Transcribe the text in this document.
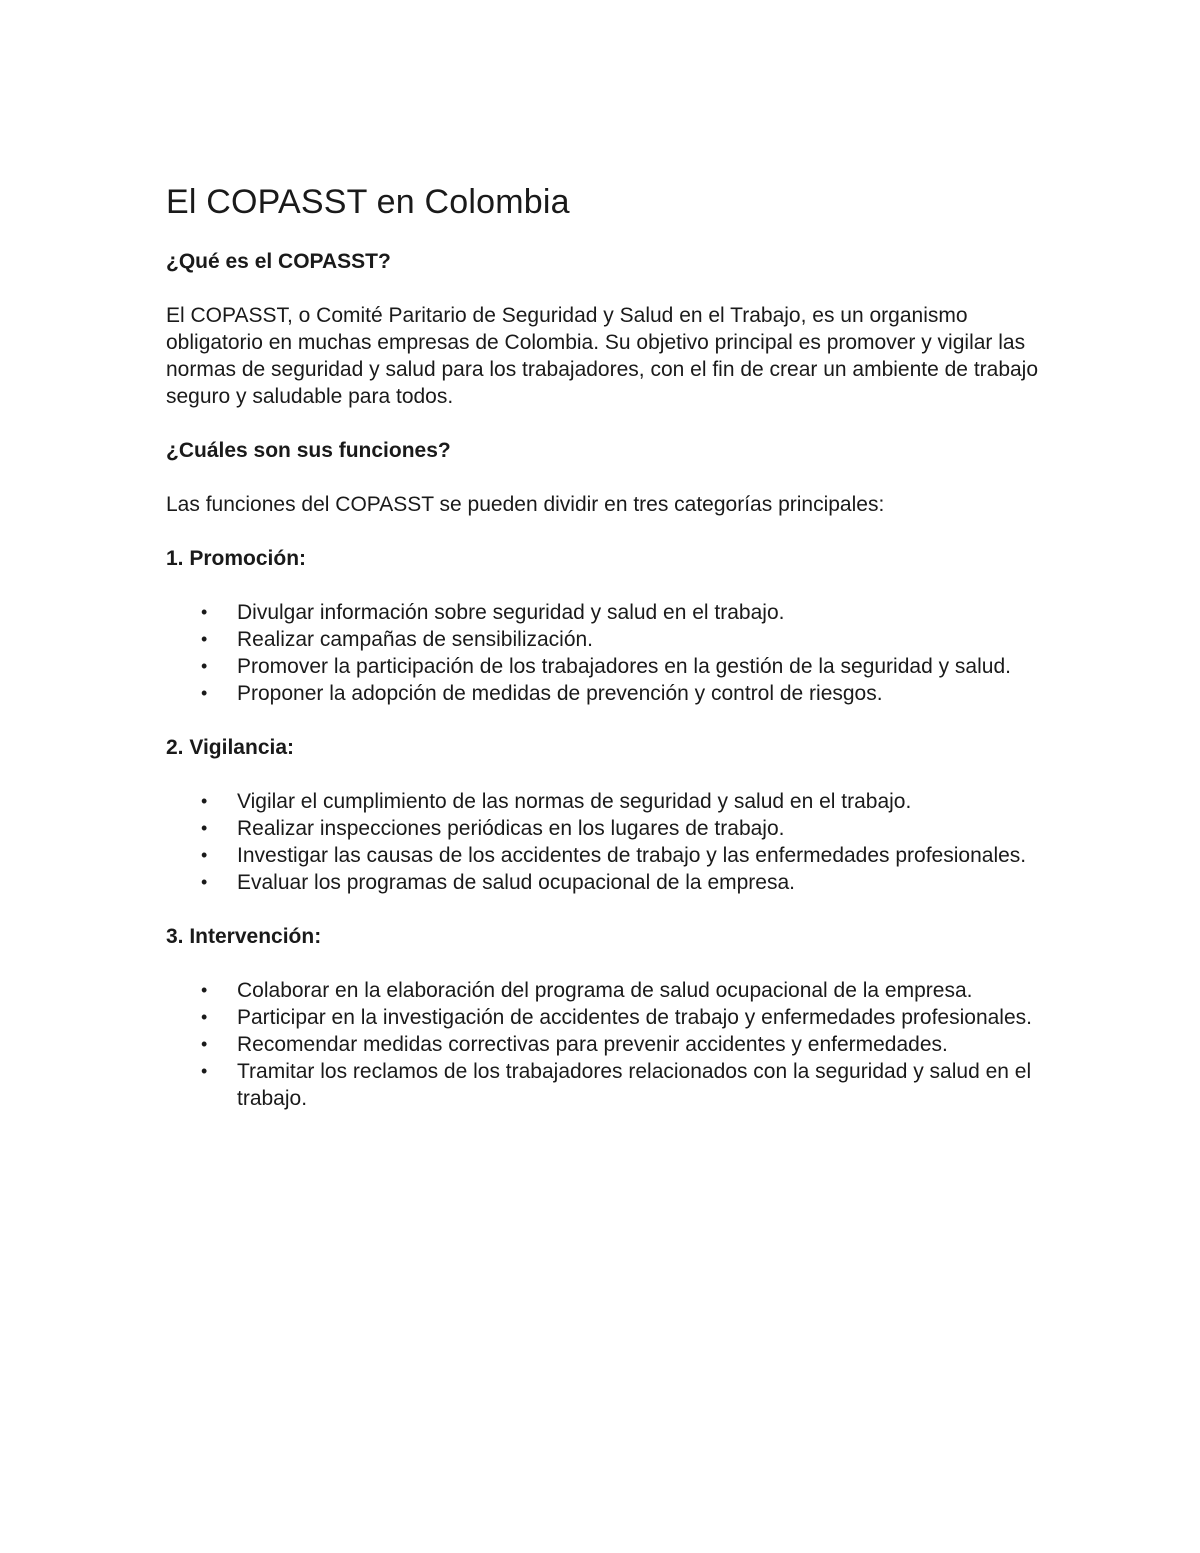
El COPASST en Colombia
¿Qué es el COPASST?

El COPASST, o Comité Paritario de Seguridad y Salud en el Trabajo, es un organismo obligatorio en muchas empresas de Colombia. Su objetivo principal es promover y vigilar las normas de seguridad y salud para los trabajadores, con el fin de crear un ambiente de trabajo seguro y saludable para todos.

¿Cuáles son sus funciones?

Las funciones del COPASST se pueden dividir en tres categorías principales:

1. Promoción:
• Divulgar información sobre seguridad y salud en el trabajo.
• Realizar campañas de sensibilización.
• Promover la participación de los trabajadores en la gestión de la seguridad y salud.
• Proponer la adopción de medidas de prevención y control de riesgos.
2. Vigilancia:
• Vigilar el cumplimiento de las normas de seguridad y salud en el trabajo.
• Realizar inspecciones periódicas en los lugares de trabajo.
• Investigar las causas de los accidentes de trabajo y las enfermedades profesionales.
• Evaluar los programas de salud ocupacional de la empresa.
3. Intervención:
• Colaborar en la elaboración del programa de salud ocupacional de la empresa.
• Participar en la investigación de accidentes de trabajo y enfermedades profesionales.
• Recomendar medidas correctivas para prevenir accidentes y enfermedades.
• Tramitar los reclamos de los trabajadores relacionados con la seguridad y salud en el trabajo.
